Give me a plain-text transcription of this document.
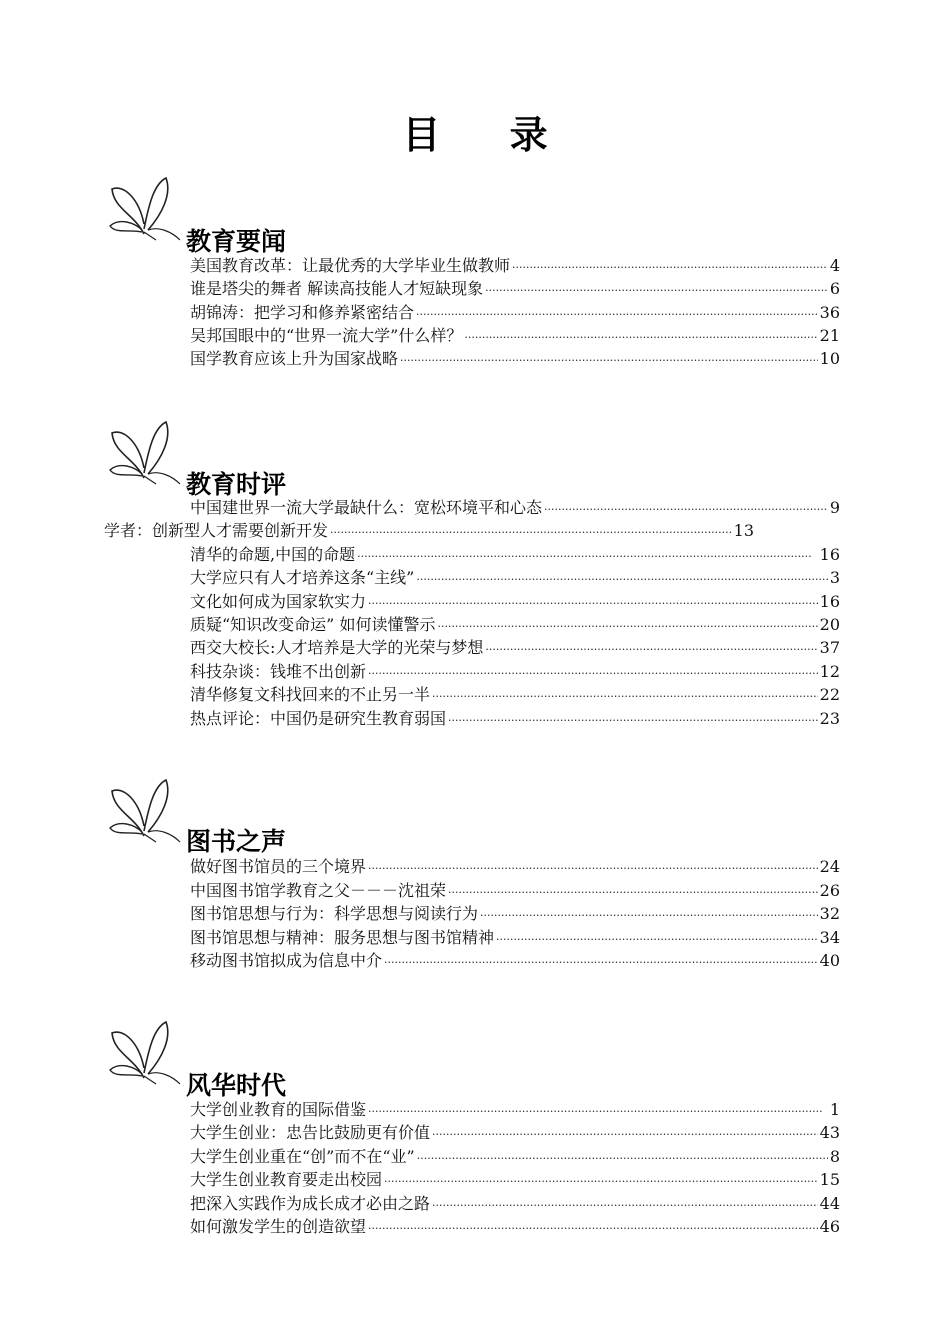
目 录
教育要闻
美国教育改革：让最优秀的大学毕业生做教师 ·····	4
谁是塔尖的舞者 解读高技能人才短缺现象 ·····	6
胡锦涛：把学习和修养紧密结合 ·····	36
吴邦国眼中的“世界一流大学”什么样？ ·····	21
国学教育应该上升为国家战略 ·····	10
教育时评
中国建世界一流大学最缺什么：宽松环境平和心态 ·····	9
学者：创新型人才需要创新开发 ·····	13
清华的命题,中国的命题 ·····	16
大学应只有人才培养这条“主线” ·····	3
文化如何成为国家软实力 ·····	16
质疑“知识改变命运” 如何读懂警示 ·····	20
西交大校长:人才培养是大学的光荣与梦想 ·····	37
科技杂谈：钱堆不出创新 ·····	12
清华修复文科找回来的不止另一半 ·····	22
热点评论：中国仍是研究生教育弱国 ·····	23
图书之声
做好图书馆员的三个境界 ·····	24
中国图书馆学教育之父－－－沈祖荣 ·····	26
图书馆思想与行为：科学思想与阅读行为 ·····	32
图书馆思想与精神：服务思想与图书馆精神 ·····	34
移动图书馆拟成为信息中介 ·····	40
风华时代
大学创业教育的国际借鉴 ·····	1
大学生创业：忠告比鼓励更有价值 ·····	43
大学生创业重在“创”而不在“业” ·····	8
大学生创业教育要走出校园 ·····	15
把深入实践作为成长成才必由之路 ·····	44
如何激发学生的创造欲望 ·····	46
